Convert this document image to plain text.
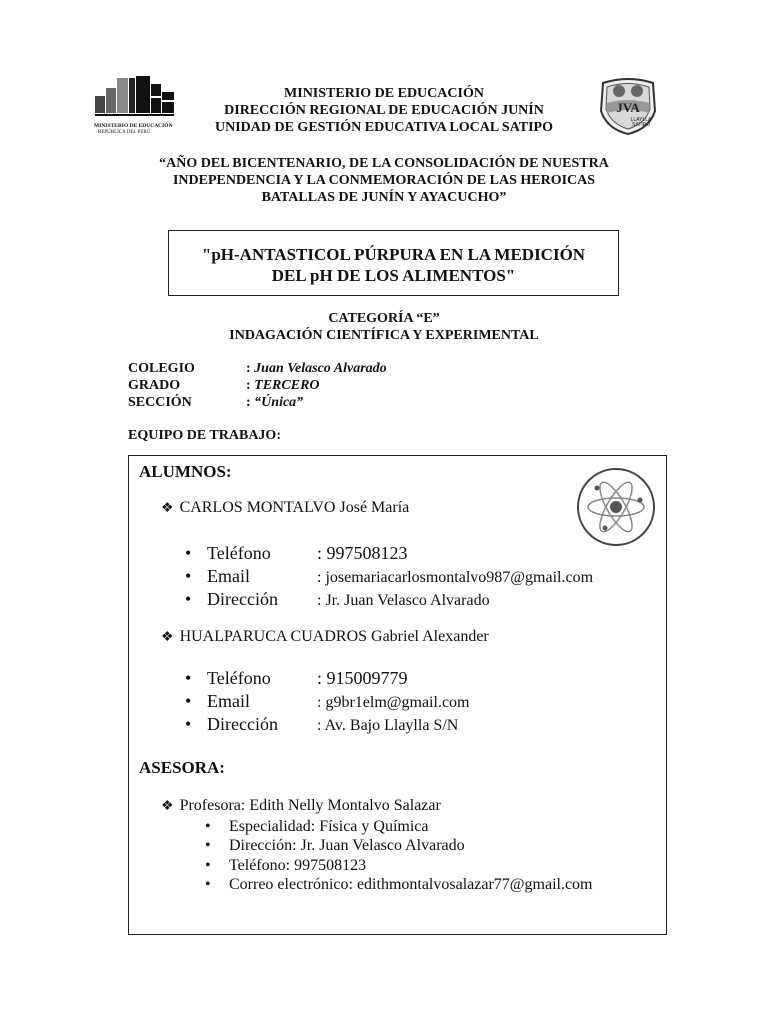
MINISTERIO DE EDUCACIÓN
REPÚBLICA DEL PERÚ
JVA
LLAYLLA
SATIPO
MINISTERIO DE EDUCACIÓN
DIRECCIÓN REGIONAL DE EDUCACIÓN JUNÍN
UNIDAD DE GESTIÓN EDUCATIVA LOCAL SATIPO
“AÑO DEL BICENTENARIO, DE LA CONSOLIDACIÓN DE NUESTRA
INDEPENDENCIA Y LA CONMEMORACIÓN DE LAS HEROICAS
BATALLAS DE JUNÍN Y AYACUCHO”
"pH-ANTASTICOL PÚRPURA EN LA MEDICIÓN
DEL pH DE LOS ALIMENTOS"
CATEGORÍA “E”
INDAGACIÓN CIENTÍFICA Y EXPERIMENTAL
COLEGIO	: Juan Velasco Alvarado
GRADO	: TERCERO
SECCIÓN	: “Única”
EQUIPO DE TRABAJO:
ALUMNOS:
❖ CARLOS MONTALVO José María
• Teléfono	: 997508123
• Email	: josemariacarlosmontalvo987@gmail.com
• Dirección : Jr. Juan Velasco Alvarado
❖ HUALPARUCA CUADROS Gabriel Alexander
• Teléfono	: 915009779
• Email	: g9br1elm@gmail.com
• Dirección : Av. Bajo Llaylla S/N
ASESORA:
❖ Profesora: Edith Nelly Montalvo Salazar
• Especialidad: Física y Química
• Dirección: Jr. Juan Velasco Alvarado
• Teléfono: 997508123
• Correo electrónico: edithmontalvosalazar77@gmail.com
